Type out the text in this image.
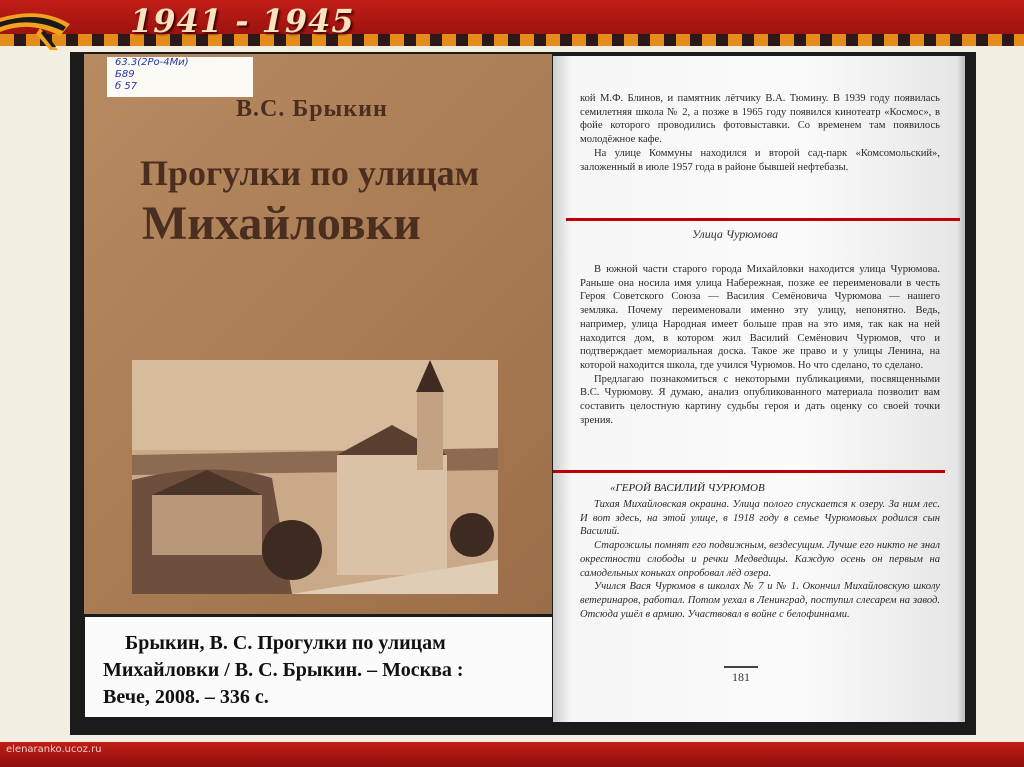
1941 - 1945
63.3(2Ро-4Ми)
Б89
б 57
В.С. Брыкин
Прогулки по улицам
Михайловки

Брыкин, В. С. Прогулки по улицам

Михайловки / В. С. Брыкин. – Москва :
Вече, 2008. – 336 с.

кой М.Ф. Блинов, и памятник лётчику В.А. Тюмину. В 1939 году появилась семилетняя школа № 2, а позже в 1965 году появился кинотеатр «Космос», в фойе которого проводились фотовыставки. Со временем там появилось молодёжное кафе.

На улице Коммуны находился и второй сад-парк «Комсомольский», заложенный в июле 1957 года в районе бывшей нефтебазы.

Улица Чурюмова

В южной части старого города Михайловки находится улица Чурюмова. Раньше она носила имя улица Набережная, позже ее переименовали в честь Героя Советского Союза — Василия Семёновича Чурюмова — нашего земляка. Почему переименовали именно эту улицу, непонятно. Ведь, например, улица Народная имеет больше прав на это имя, так как на ней находится дом, в котором жил Василий Семёнович Чурюмов, что и подтверждает мемориальная доска. Такое же право и у улицы Ленина, на которой находится школа, где учился Чурюмов. Но что сделано, то сделано.

Предлагаю познакомиться с некоторыми публикациями, посвященными В.С. Чурюмову. Я думаю, анализ опубликованного материала позволит вам составить целостную картину судьбы героя и дать оценку со своей точки зрения.

«ГЕРОЙ ВАСИЛИЙ ЧУРЮМОВ

Тихая Михайловская окраина. Улица полого спускается к озеру. За ним лес. И вот здесь, на этой улице, в 1918 году в семье Чурюмовых родился сын Василий.

Старожилы помнят его подвижным, вездесущим. Лучше его никто не знал окрестности слободы и речки Медведицы. Каждую осень он первым на самодельных коньках опробовал лёд озера.

Учился Вася Чурюмов в школах № 7 и № 1. Окончил Михайловскую школу ветеринаров, работал. Потом уехал в Ленинград, поступил слесарем на завод. Отсюда ушёл в армию. Участвовал в войне с белофиннами.

181
elenaranko.ucoz.ru
